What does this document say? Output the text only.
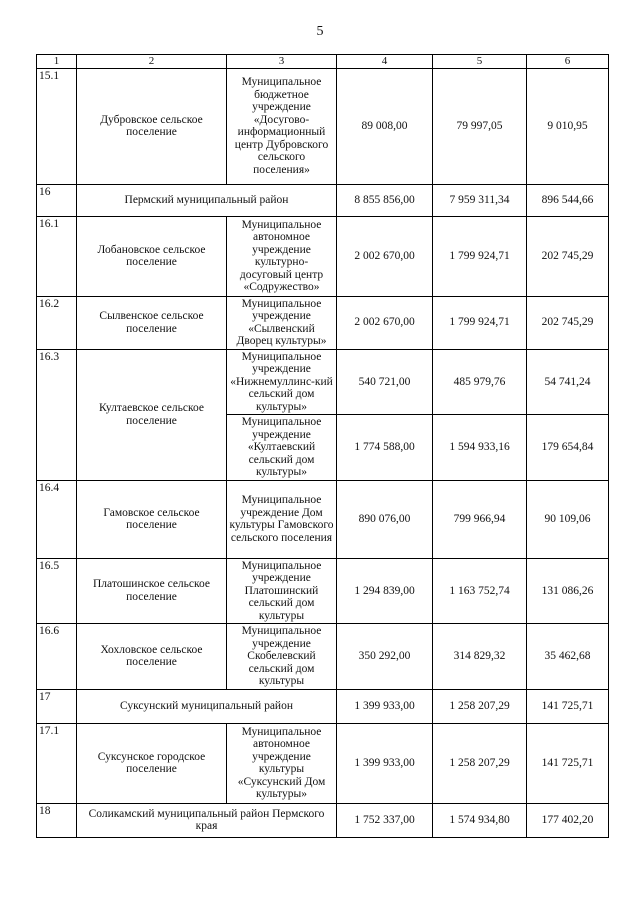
5
1	2	3	4	5	6
15.1	Дубровское сельское поселение	Муниципальное бюджетное учреждение «Досугово-информационный центр Дубровского сельского поселения»	89 008,00	79 997,05	9 010,95
16	Пермский муниципальный район		8 855 856,00	7 959 311,34	896 544,66
16.1	Лобановское сельское поселение	Муниципальное автономное учреждение культурно-досуговый центр «Содружество»	2 002 670,00	1 799 924,71	202 745,29
16.2	Сылвенское сельское поселение	Муниципальное учреждение «Сылвенский Дворец культуры»	2 002 670,00	1 799 924,71	202 745,29
16.3	Култаевское сельское поселение	Муниципальное учреждение «Нижнемуллинс-кий сельский дом культуры»	540 721,00	485 979,76	54 741,24
		Муниципальное учреждение «Култаевский сельский дом культуры»	1 774 588,00	1 594 933,16	179 654,84
16.4	Гамовское сельское поселение	Муниципальное учреждение Дом культуры Гамовского сельского поселения	890 076,00	799 966,94	90 109,06
16.5	Платошинское сельское поселение	Муниципальное учреждение Платошинский сельский дом культуры	1 294 839,00	1 163 752,74	131 086,26
16.6	Хохловское сельское поселение	Муниципальное учреждение Скобелевский сельский дом культуры	350 292,00	314 829,32	35 462,68
17	Суксунский муниципальный район		1 399 933,00	1 258 207,29	141 725,71
17.1	Суксунское городское поселение	Муниципальное автономное учреждение культуры «Суксунский Дом культуры»	1 399 933,00	1 258 207,29	141 725,71
18	Соликамский муниципальный район Пермского края		1 752 337,00	1 574 934,80	177 402,20
